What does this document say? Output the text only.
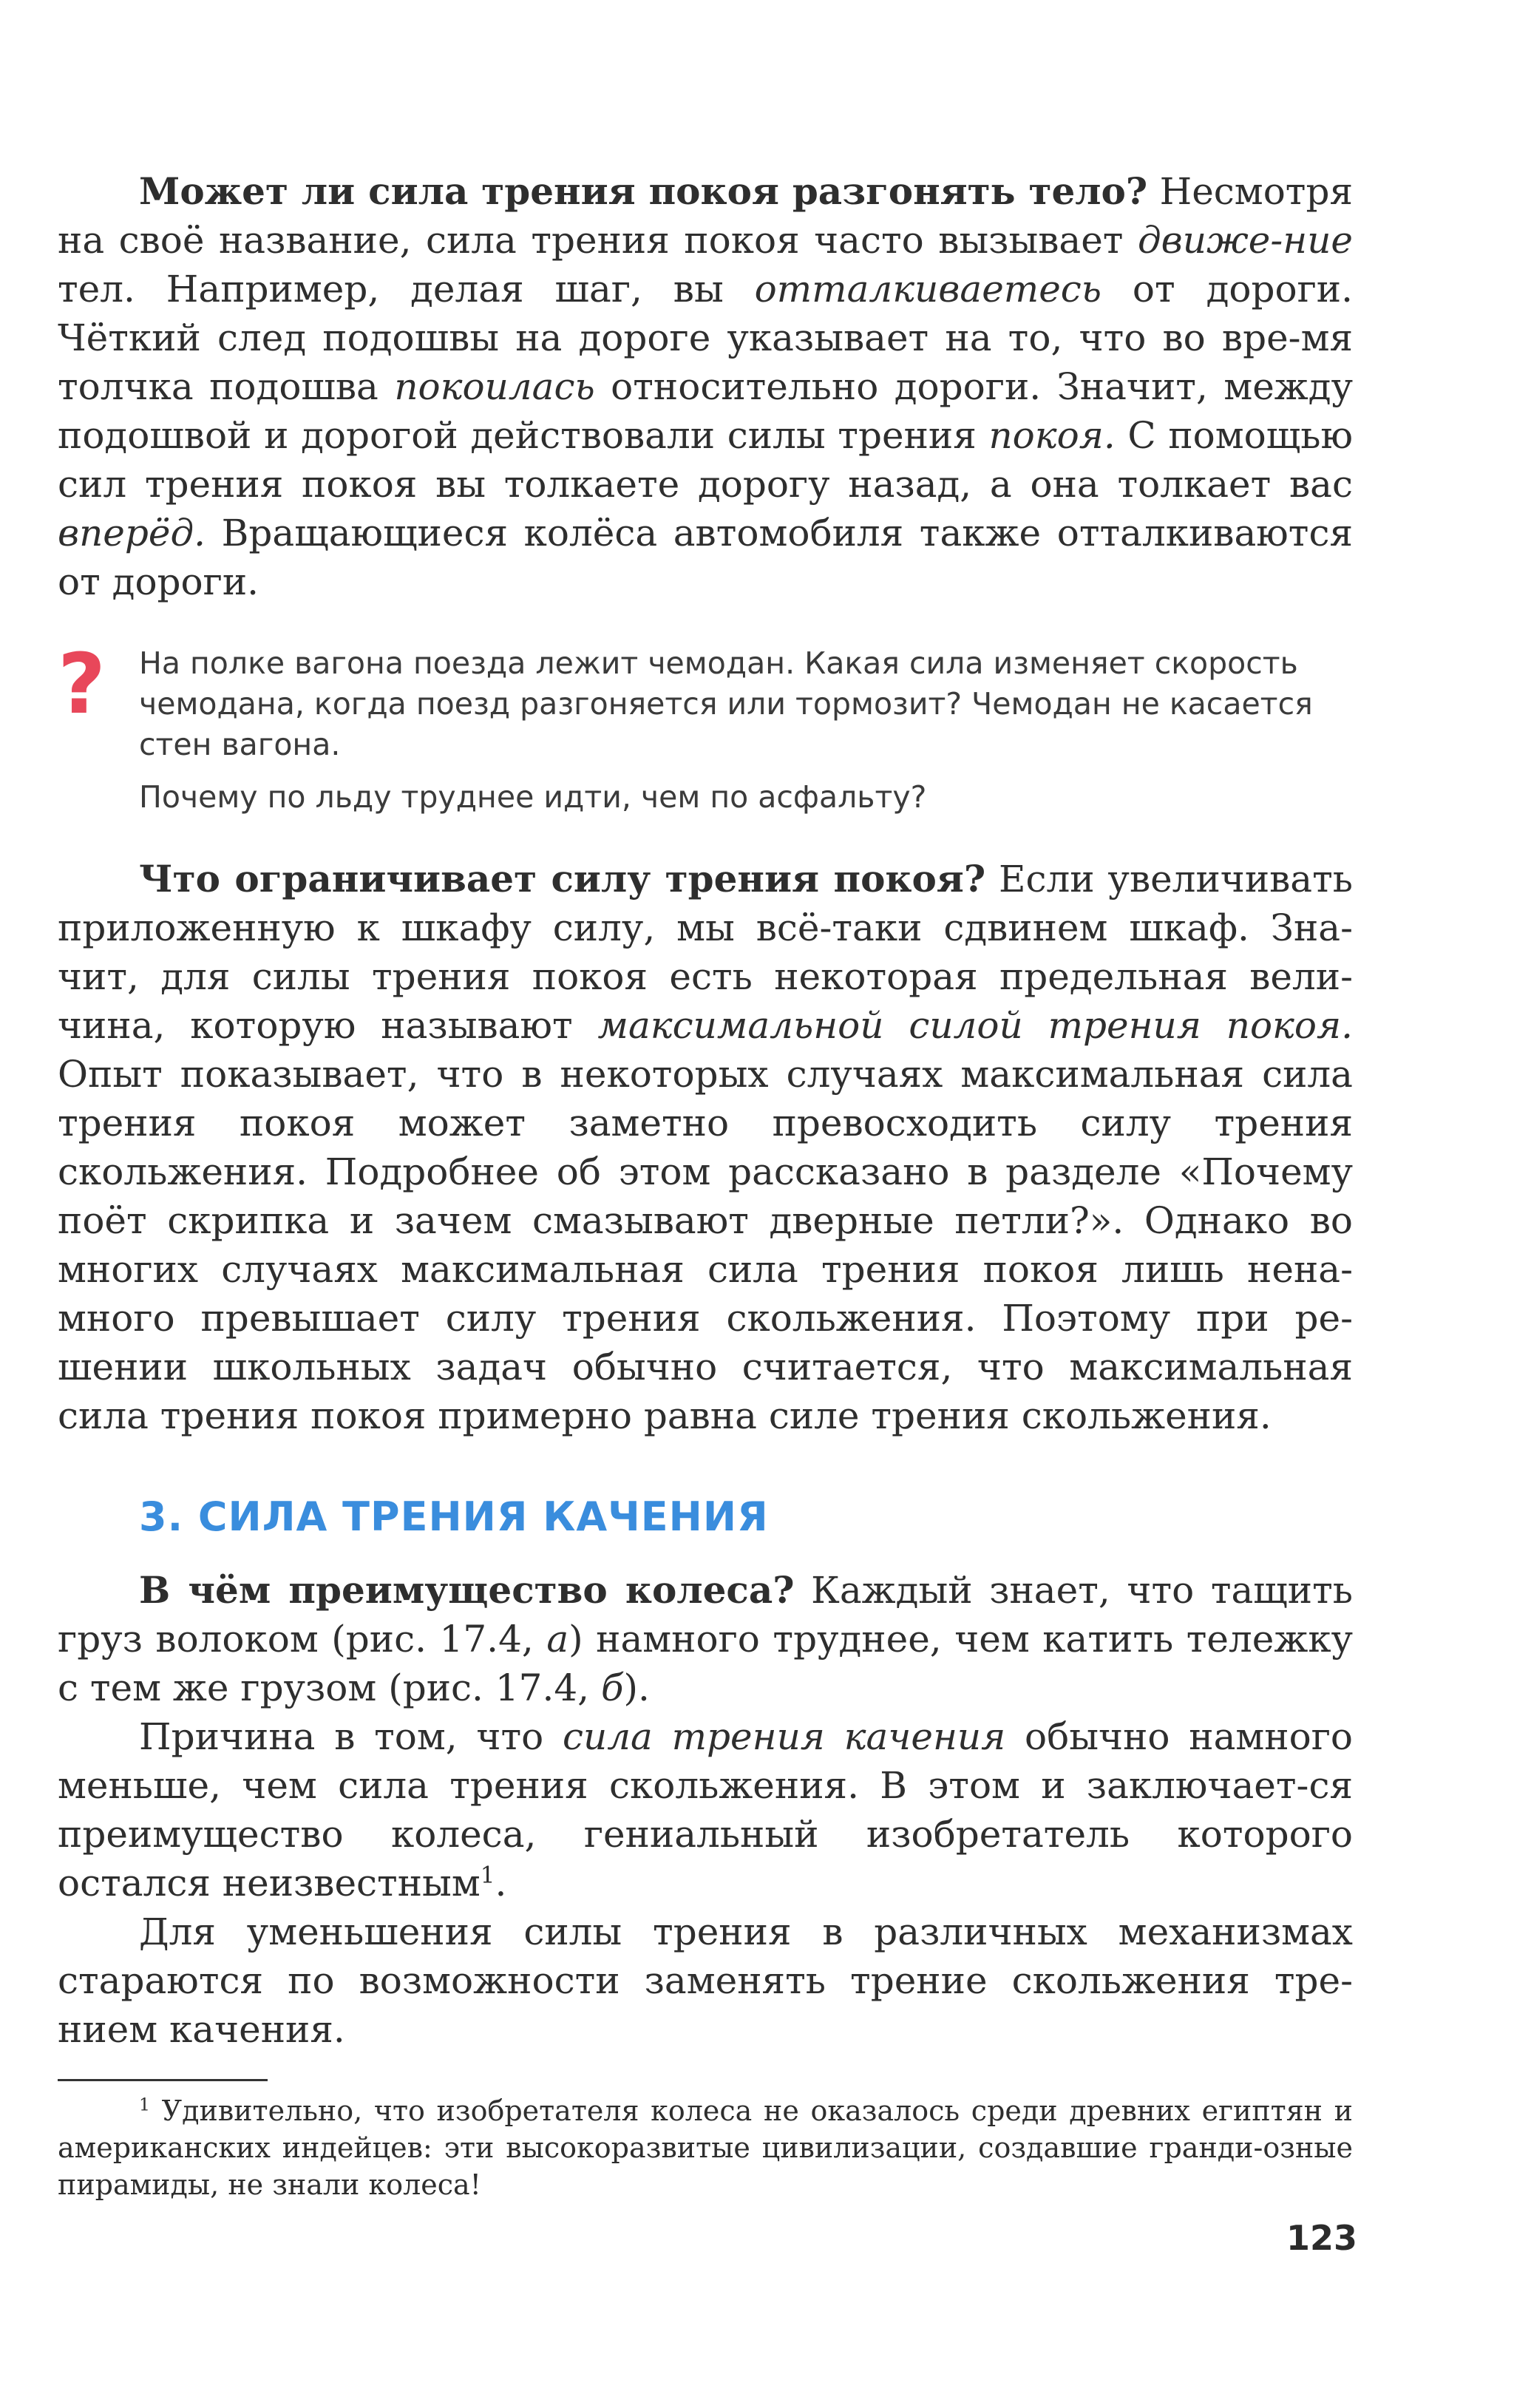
Может ли сила трения покоя разгонять тело? Несмотря на своё название, сила трения покоя часто вызывает движе-ние тел. Например, делая шаг, вы отталкиваетесь от дороги. Чёткий след подошвы на дороге указывает на то, что во вре-мя толчка подошва покоилась относительно дороги. Значит, между подошвой и дорогой действовали силы трения покоя. С помощью сил трения покоя вы толкаете дорогу назад, а она толкает вас вперёд. Вращающиеся колёса автомобиля также отталкиваются от дороги.

?	На полке вагона поезда лежит чемодан. Какая сила изменяет скорость чемодана, когда поезд разгоняется или тормозит? Чемодан не касается стен вагона.

Почему по льду труднее идти, чем по асфальту?

Что ограничивает силу трения покоя? Если увеличивать приложенную к шкафу силу, мы всё-таки сдвинем шкаф. Зна-чит, для силы трения покоя есть некоторая предельная вели-чина, которую называют максимальной силой трения покоя. Опыт показывает, что в некоторых случаях максимальная сила трения покоя может заметно превосходить силу трения скольжения. Подробнее об этом рассказано в разделе «Почему поёт скрипка и зачем смазывают дверные петли?». Однако во многих случаях максимальная сила трения покоя лишь нена-много превышает силу трения скольжения. Поэтому при ре-шении школьных задач обычно считается, что максимальная сила трения покоя примерно равна силе трения скольжения.

3. СИЛА ТРЕНИЯ КАЧЕНИЯ

В чём преимущество колеса? Каждый знает, что тащить груз волоком (рис. 17.4, а) намного труднее, чем катить тележку с тем же грузом (рис. 17.4, б).

Причина в том, что сила трения качения обычно намного меньше, чем сила трения скольжения. В этом и заключает-ся преимущество колеса, гениальный изобретатель которого остался неизвестным$^1$.

Для уменьшения силы трения в различных механизмах стараются по возможности заменять трение скольжения тре-нием качения.

$^1$ Удивительно, что изобретателя колеса не оказалось среди древних египтян и американских индейцев: эти высокоразвитые цивилизации, создавшие гранди-озные пирамиды, не знали колеса!

123
